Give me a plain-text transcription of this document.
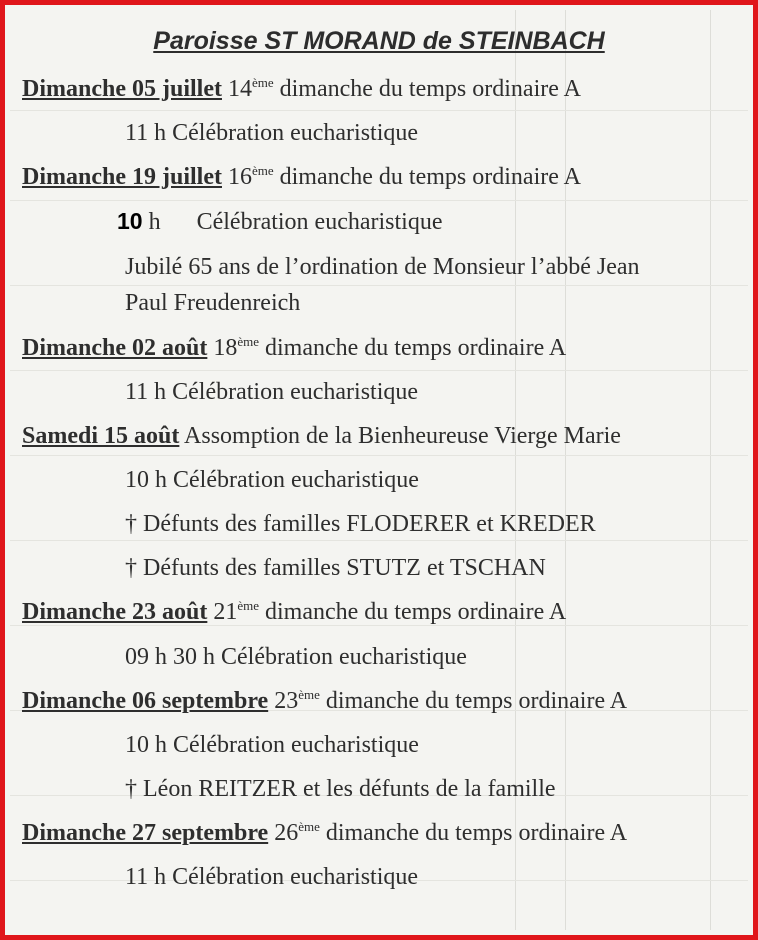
Paroisse ST MORAND de STEINBACH
Dimanche 05 juillet 14ème dimanche du temps ordinaire A
11 h Célébration eucharistique
Dimanche 19 juillet 16ème dimanche du temps ordinaire A
10 h Célébration eucharistique
Jubilé 65 ans de l’ordination de Monsieur l’abbé Jean
Paul Freudenreich
Dimanche 02 août 18ème dimanche du temps ordinaire A
11 h Célébration eucharistique
Samedi 15 août Assomption de la Bienheureuse Vierge Marie
10 h Célébration eucharistique
† Défunts des familles FLODERER et KREDER
† Défunts des familles STUTZ et TSCHAN
Dimanche 23 août 21ème dimanche du temps ordinaire A
09 h 30 h Célébration eucharistique
Dimanche 06 septembre 23ème dimanche du temps ordinaire A
10 h Célébration eucharistique
† Léon REITZER et les défunts de la famille
Dimanche 27 septembre 26ème dimanche du temps ordinaire A
11 h Célébration eucharistique
